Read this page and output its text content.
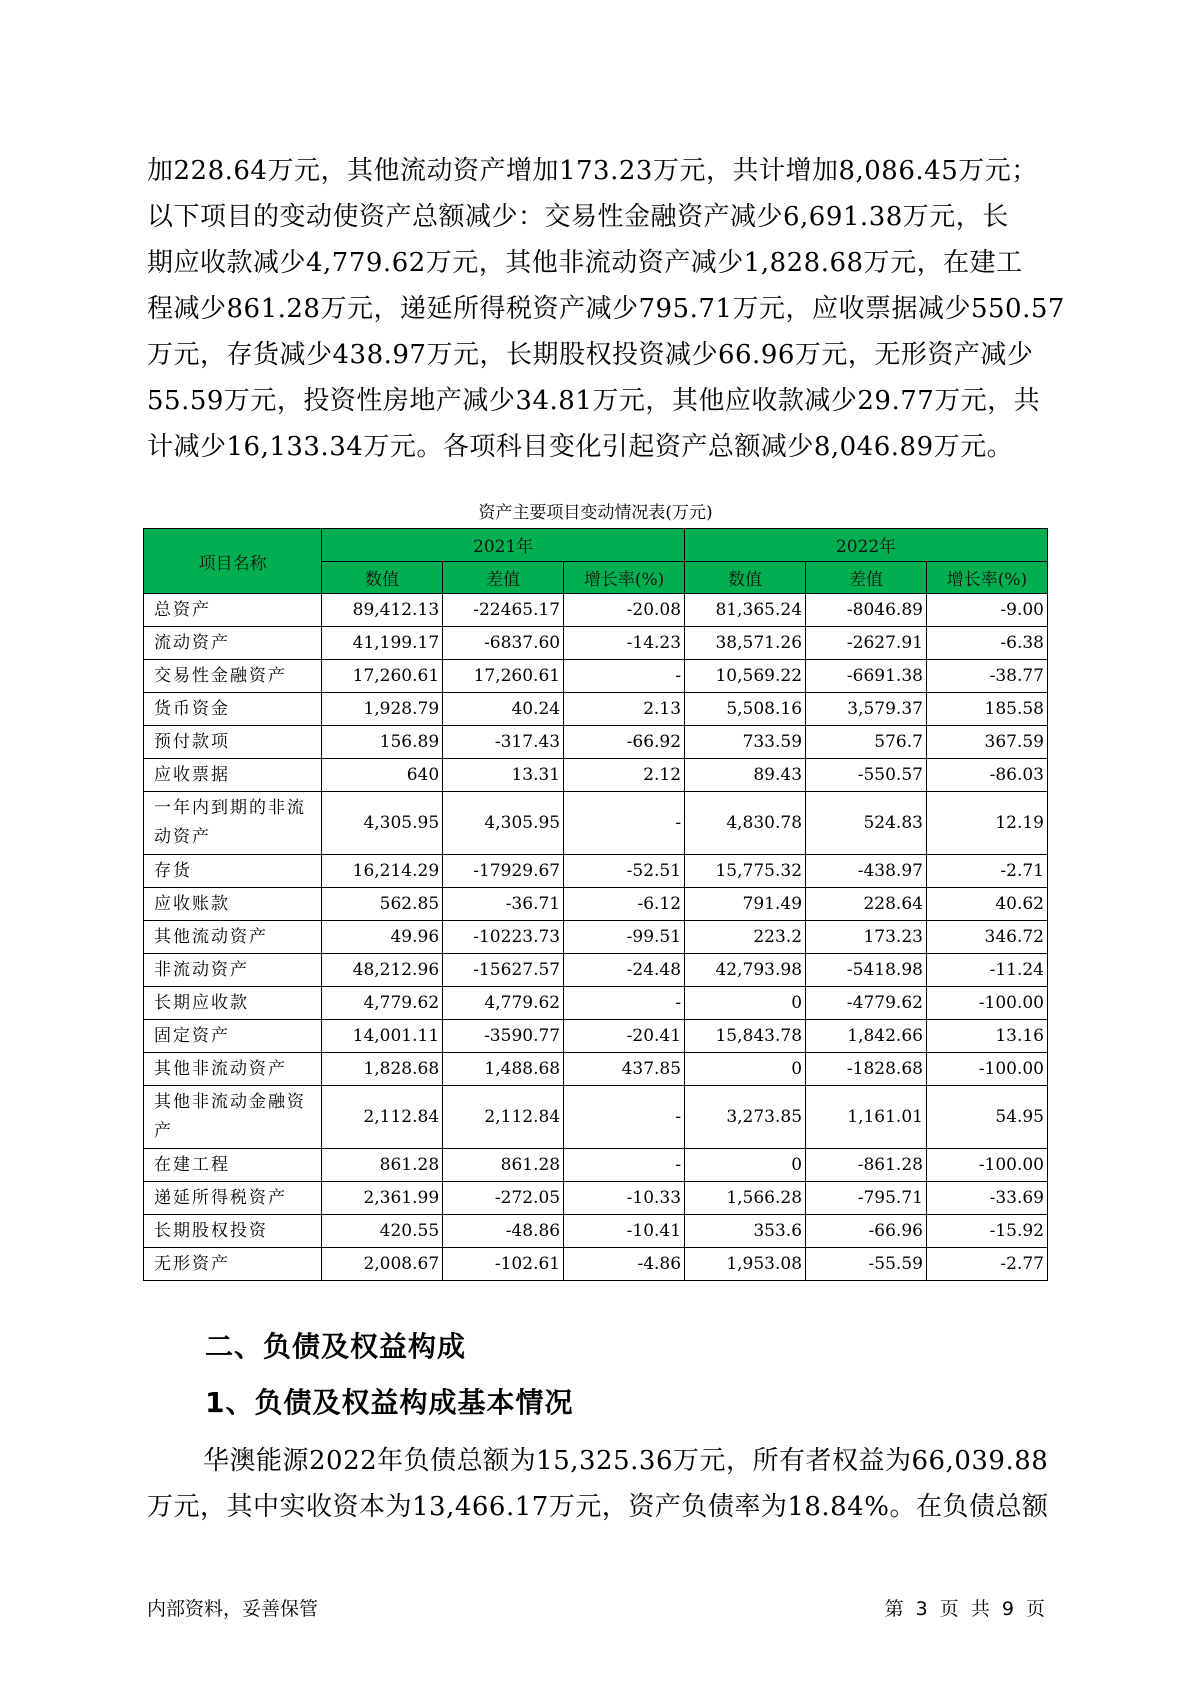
加228.64万元，其他流动资产增加173.23万元，共计增加8,086.45万元；
以下项目的变动使资产总额减少：交易性金融资产减少6,691.38万元，长
期应收款减少4,779.62万元，其他非流动资产减少1,828.68万元，在建工
程减少861.28万元，递延所得税资产减少795.71万元，应收票据减少550.57
万元，存货减少438.97万元，长期股权投资减少66.96万元，无形资产减少
55.59万元，投资性房地产减少34.81万元，其他应收款减少29.77万元，共
计减少16,133.34万元。各项科目变化引起资产总额减少8,046.89万元。
资产主要项目变动情况表(万元)
项目名称	2021年			2022年		
	数值	差值	增长率(%)	数值	差值	增长率(%)
总资产	89,412.13	-22465.17	-20.08	81,365.24	-8046.89	-9.00
流动资产	41,199.17	-6837.60	-14.23	38,571.26	-2627.91	-6.38
交易性金融资产	17,260.61	17,260.61	-	10,569.22	-6691.38	-38.77
货币资金	1,928.79	40.24	2.13	5,508.16	3,579.37	185.58
预付款项	156.89	-317.43	-66.92	733.59	576.7	367.59
应收票据	640	13.31	2.12	89.43	-550.57	-86.03
一年内到期的非流动资产	4,305.95	4,305.95	-	4,830.78	524.83	12.19
存货	16,214.29	-17929.67	-52.51	15,775.32	-438.97	-2.71
应收账款	562.85	-36.71	-6.12	791.49	228.64	40.62
其他流动资产	49.96	-10223.73	-99.51	223.2	173.23	346.72
非流动资产	48,212.96	-15627.57	-24.48	42,793.98	-5418.98	-11.24
长期应收款	4,779.62	4,779.62	-	0	-4779.62	-100.00
固定资产	14,001.11	-3590.77	-20.41	15,843.78	1,842.66	13.16
其他非流动资产	1,828.68	1,488.68	437.85	0	-1828.68	-100.00
其他非流动金融资产	2,112.84	2,112.84	-	3,273.85	1,161.01	54.95
在建工程	861.28	861.28	-	0	-861.28	-100.00
递延所得税资产	2,361.99	-272.05	-10.33	1,566.28	-795.71	-33.69
长期股权投资	420.55	-48.86	-10.41	353.6	-66.96	-15.92
无形资产	2,008.67	-102.61	-4.86	1,953.08	-55.59	-2.77
二、负债及权益构成
1、负债及权益构成基本情况
华澳能源2022年负债总额为15,325.36万元，所有者权益为66,039.88
万元，其中实收资本为13,466.17万元，资产负债率为18.84%。在负债总额
内部资料，妥善保管	第 3 页 共 9 页
